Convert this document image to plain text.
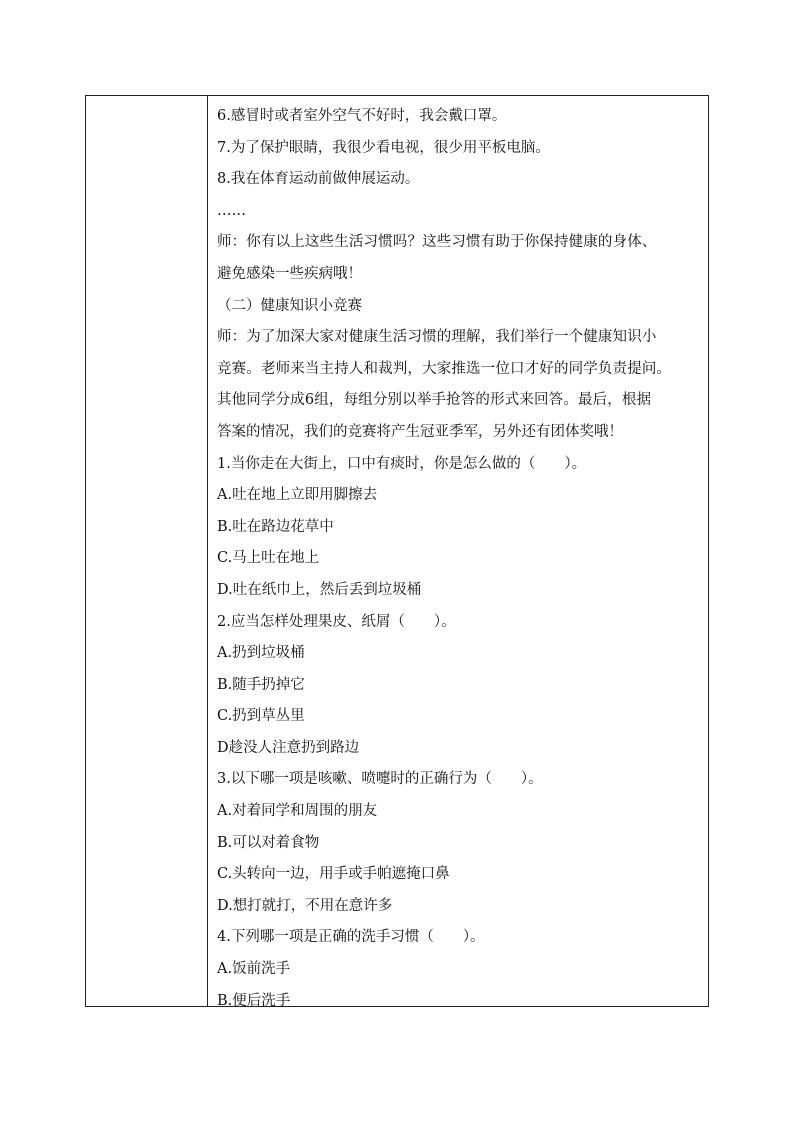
6.感冒时或者室外空气不好时，我会戴口罩。
7.为了保护眼睛，我很少看电视，很少用平板电脑。
8.我在体育运动前做伸展运动。
……
师：你有以上这些生活习惯吗？这些习惯有助于你保持健康的身体、
避免感染一些疾病哦！
（二）健康知识小竞赛
师：为了加深大家对健康生活习惯的理解，我们举行一个健康知识小
竞赛。老师来当主持人和裁判，大家推选一位口才好的同学负责提问。
其他同学分成6组，每组分别以举手抢答的形式来回答。最后，根据
答案的情况，我们的竞赛将产生冠亚季军，另外还有团体奖哦！
1.当你走在大街上，口中有痰时，你是怎么做的（　　）。
A.吐在地上立即用脚擦去
B.吐在路边花草中
C.马上吐在地上
D.吐在纸巾上，然后丢到垃圾桶
2.应当怎样处理果皮、纸屑（　　）。
A.扔到垃圾桶
B.随手扔掉它
C.扔到草丛里
D趁没人注意扔到路边
3.以下哪一项是咳嗽、喷嚏时的正确行为（　　）。
A.对着同学和周围的朋友
B.可以对着食物
C.头转向一边，用手或手帕遮掩口鼻
D.想打就打，不用在意许多
4.下列哪一项是正确的洗手习惯（　　）。
A.饭前洗手
B.便后洗手
